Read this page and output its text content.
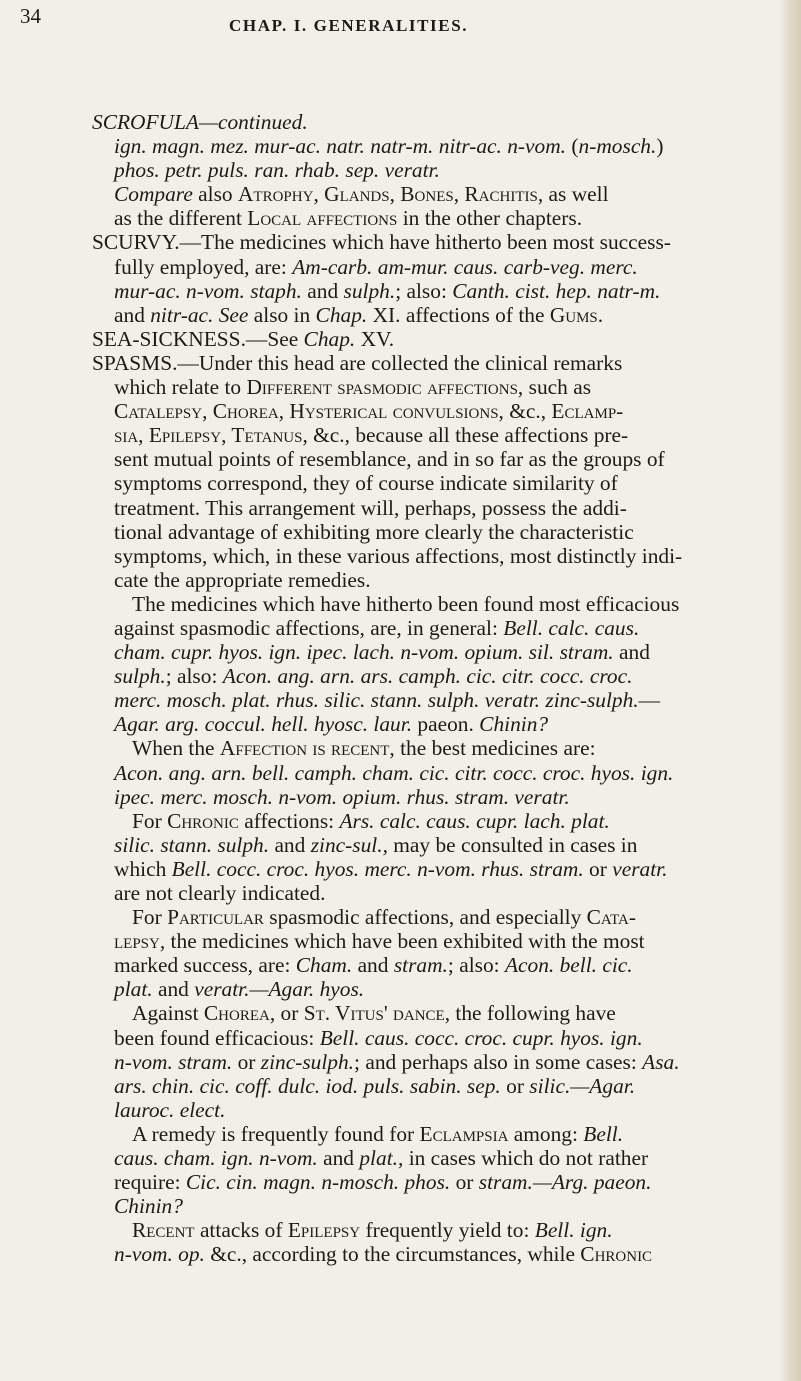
34	CHAP. I. GENERALITIES.
SCROFULA—continued.
ign. magn. mez. mur-ac. natr. natr-m. nitr-ac. n-vom. (n-mosch.)
phos. petr. puls. ran. rhab. sep. veratr.
Compare also Atrophy, Glands, Bones, Rachitis, as well
as the different Local affections in the other chapters.
SCURVY.—The medicines which have hitherto been most success-
fully employed, are: Am-carb. am-mur. caus. carb-veg. merc.
mur-ac. n-vom. staph. and sulph.; also: Canth. cist. hep. natr-m.
and nitr-ac. See also in Chap. XI. affections of the Gums.
SEA-SICKNESS.—See Chap. XV.
SPASMS.—Under this head are collected the clinical remarks
which relate to Different spasmodic affections, such as
Catalepsy, Chorea, Hysterical convulsions, &c., Eclamp-
sia, Epilepsy, Tetanus, &c., because all these affections pre-
sent mutual points of resemblance, and in so far as the groups of
symptoms correspond, they of course indicate similarity of
treatment. This arrangement will, perhaps, possess the addi-
tional advantage of exhibiting more clearly the characteristic
symptoms, which, in these various affections, most distinctly indi-
cate the appropriate remedies.
The medicines which have hitherto been found most efficacious
against spasmodic affections, are, in general: Bell. calc. caus.
cham. cupr. hyos. ign. ipec. lach. n-vom. opium. sil. stram. and
sulph.; also: Acon. ang. arn. ars. camph. cic. citr. cocc. croc.
merc. mosch. plat. rhus. silic. stann. sulph. veratr. zinc-sulph.—
Agar. arg. coccul. hell. hyosc. laur. paeon. Chinin?
When the Affection is recent, the best medicines are:
Acon. ang. arn. bell. camph. cham. cic. citr. cocc. croc. hyos. ign.
ipec. merc. mosch. n-vom. opium. rhus. stram. veratr.
For Chronic affections: Ars. calc. caus. cupr. lach. plat.
silic. stann. sulph. and zinc-sul., may be consulted in cases in
which Bell. cocc. croc. hyos. merc. n-vom. rhus. stram. or veratr.
are not clearly indicated.
For Particular spasmodic affections, and especially Cata-
lepsy, the medicines which have been exhibited with the most
marked success, are: Cham. and stram.; also: Acon. bell. cic.
plat. and veratr.—Agar. hyos.
Against Chorea, or St. Vitus' dance, the following have
been found efficacious: Bell. caus. cocc. croc. cupr. hyos. ign.
n-vom. stram. or zinc-sulph.; and perhaps also in some cases: Asa.
ars. chin. cic. coff. dulc. iod. puls. sabin. sep. or silic.—Agar.
lauroc. elect.
A remedy is frequently found for Eclampsia among: Bell.
caus. cham. ign. n-vom. and plat., in cases which do not rather
require: Cic. cin. magn. n-mosch. phos. or stram.—Arg. paeon.
Chinin?
Recent attacks of Epilepsy frequently yield to: Bell. ign.
n-vom. op. &c., according to the circumstances, while Chronic
